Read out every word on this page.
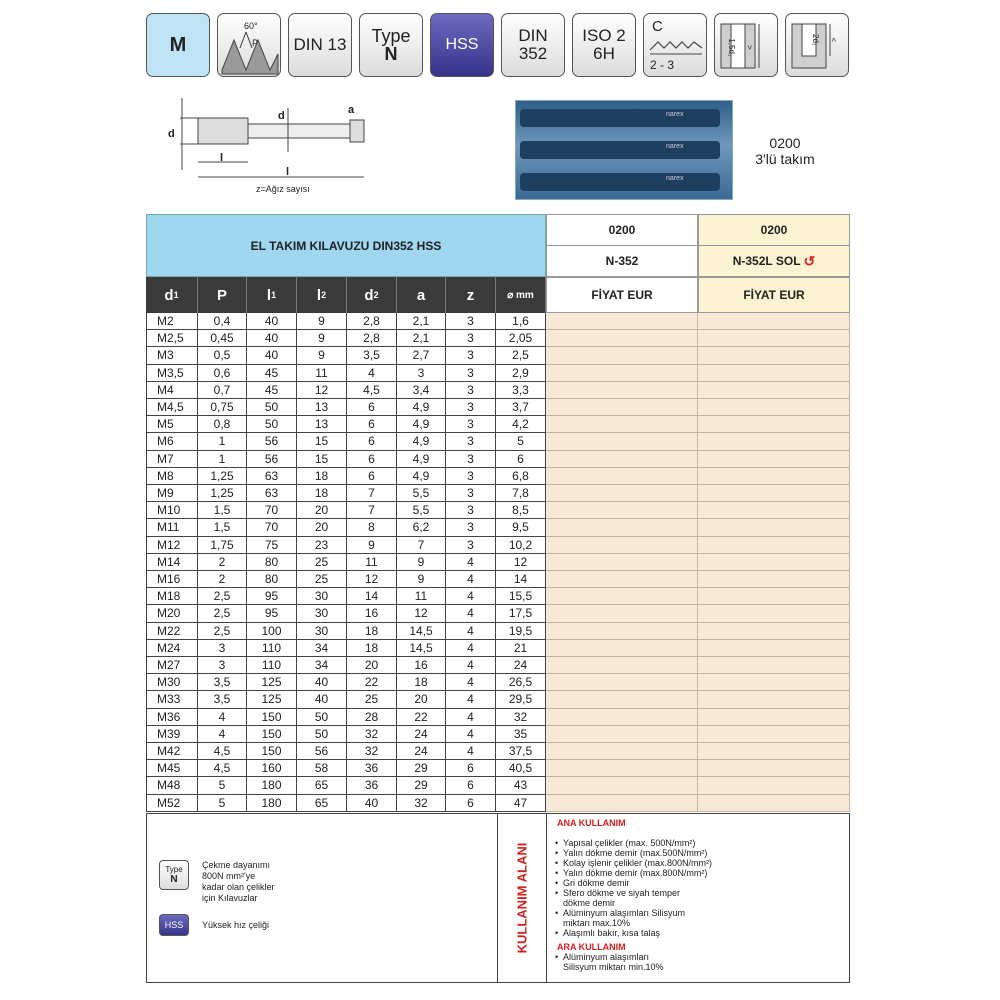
M
60°
P DIN 13 Type
N	HSS DIN
352
ISO 2
6H
C
2 - 3
> 1,5d₁	< 2d₁
d
d	a
l
l
z=Ağız sayısı
narex
narex
narex
0200
3'lü takım
EL TAKIM KILAVUZU DIN352 HSS
0200
N-352
0200
N-352L SOL ↺
FİYAT EUR	FİYAT EUR
d 1	P	l 1	l 2	d 2	a	z	⌀ mm
M2	0,4	40	9	2,8	2,1	3	1,6
M2,5	0,45	40	9	2,8	2,1	3	2,05
M3	0,5	40	9	3,5	2,7	3	2,5
M3,5	0,6	45	11	4	3	3	2,9
M4	0,7	45	12	4,5	3,4	3	3,3
M4,5	0,75	50	13	6	4,9	3	3,7
M5	0,8	50	13	6	4,9	3	4,2
M6	1	56	15	6	4,9	3	5
M7	1	56	15	6	4,9	3	6
M8	1,25	63	18	6	4,9	3	6,8
M9	1,25	63	18	7	5,5	3	7,8
M10	1,5	70	20	7	5,5	3	8,5
M11	1,5	70	20	8	6,2	3	9,5
M12	1,75	75	23	9	7	3	10,2
M14	2	80	25	11	9	4	12
M16	2	80	25	12	9	4	14
M18	2,5	95	30	14	11	4	15,5
M20	2,5	95	30	16	12	4	17,5
M22	2,5	100	30	18	14,5	4	19,5
M24	3	110	34	18	14,5	4	21
M27	3	110	34	20	16	4	24
M30	3,5	125	40	22	18	4	26,5
M33	3,5	125	40	25	20	4	29,5
M36	4	150	50	28	22	4	32
M39	4	150	50	32	24	4	35
M42	4,5	150	56	32	24	4	37,5
M45	4,5	160	58	36	29	6	40,5
M48	5	180	65	36	29	6	43
M52	5	180	65	40	32	6	47
Type
N
Çekme dayanımı
800N mm²'ye
kadar olan çelikler
için Kılavuzlar
HSS	Yüksek hız çeliği	KULLANIM ALANI
ANA KULLANIM
• Yapısal çelikler (max. 500N/mm²)
• Yalın dökme demir (max.500N/mm²)
• Kolay işlenir çelikler (max.800N/mm²)
• Yalın dökme demir (max.800N/mm²)
• Gri dökme demir
• Sfero dökme ve siyah temper
dökme demir
• Alüminyum alaşımları Silisyum
miktarı max.10%
• Alaşımlı bakır, kısa talaş
ARA KULLANIM
• Alüminyum alaşımları
Silisyum miktarı min.10%
